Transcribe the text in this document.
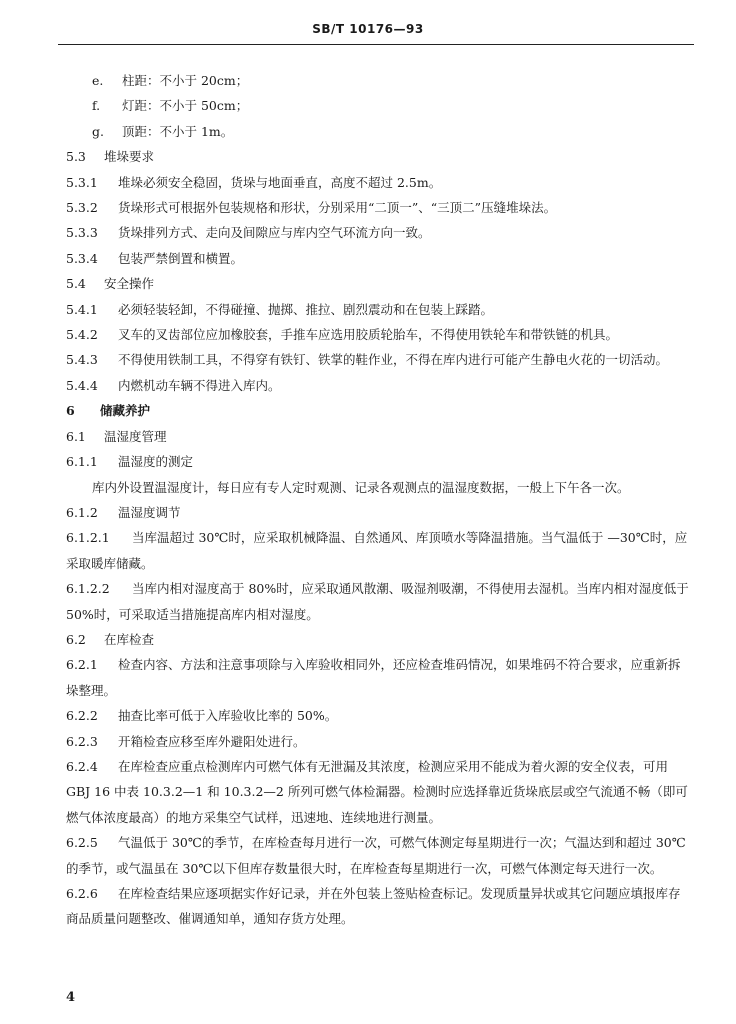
SB/T 10176—93

e. 柱距：不小于 20cm；

f. 灯距：不小于 50cm；

g. 顶距：不小于 1m。

5.3 堆垛要求

5.3.1 堆垛必须安全稳固，货垛与地面垂直，高度不超过 2.5m。

5.3.2 货垛形式可根据外包装规格和形状，分别采用“二顶一”、“三顶二”压缝堆垛法。

5.3.3 货垛排列方式、走向及间隙应与库内空气环流方向一致。

5.3.4 包装严禁倒置和横置。

5.4 安全操作

5.4.1 必须轻装轻卸，不得碰撞、抛掷、推拉、剧烈震动和在包装上踩踏。

5.4.2 叉车的叉齿部位应加橡胶套，手推车应选用胶质轮胎车，不得使用铁轮车和带铁链的机具。

5.4.3 不得使用铁制工具，不得穿有铁钉、铁掌的鞋作业，不得在库内进行可能产生静电火花的一切活动。

5.4.4 内燃机动车辆不得进入库内。

6 储藏养护

6.1 温湿度管理

6.1.1 温湿度的测定

库内外设置温湿度计，每日应有专人定时观测、记录各观测点的温湿度数据，一般上下午各一次。

6.1.2 温湿度调节

6.1.2.1 当库温超过 30℃时，应采取机械降温、自然通风、库顶喷水等降温措施。当气温低于 —30℃时，应采取暖库储藏。

6.1.2.2 当库内相对湿度高于 80%时，应采取通风散潮、吸湿剂吸潮，不得使用去湿机。当库内相对湿度低于 50%时，可采取适当措施提高库内相对湿度。

6.2 在库检查

6.2.1 检查内容、方法和注意事项除与入库验收相同外，还应检查堆码情况，如果堆码不符合要求，应重新拆垛整理。

6.2.2 抽查比率可低于入库验收比率的 50%。

6.2.3 开箱检查应移至库外避阳处进行。

6.2.4 在库检查应重点检测库内可燃气体有无泄漏及其浓度，检测应采用不能成为着火源的安全仪表，可用 GBJ 16 中表 10.3.2—1 和 10.3.2—2 所列可燃气体检漏器。检测时应选择靠近货垛底层或空气流通不畅（即可燃气体浓度最高）的地方采集空气试样，迅速地、连续地进行测量。

6.2.5 气温低于 30℃的季节，在库检查每月进行一次，可燃气体测定每星期进行一次；气温达到和超过 30℃的季节，或气温虽在 30℃以下但库存数量很大时，在库检查每星期进行一次，可燃气体测定每天进行一次。

6.2.6 在库检查结果应逐项据实作好记录，并在外包装上签贴检查标记。发现质量异状或其它问题应填报库存商品质量问题整改、催调通知单，通知存货方处理。

4
